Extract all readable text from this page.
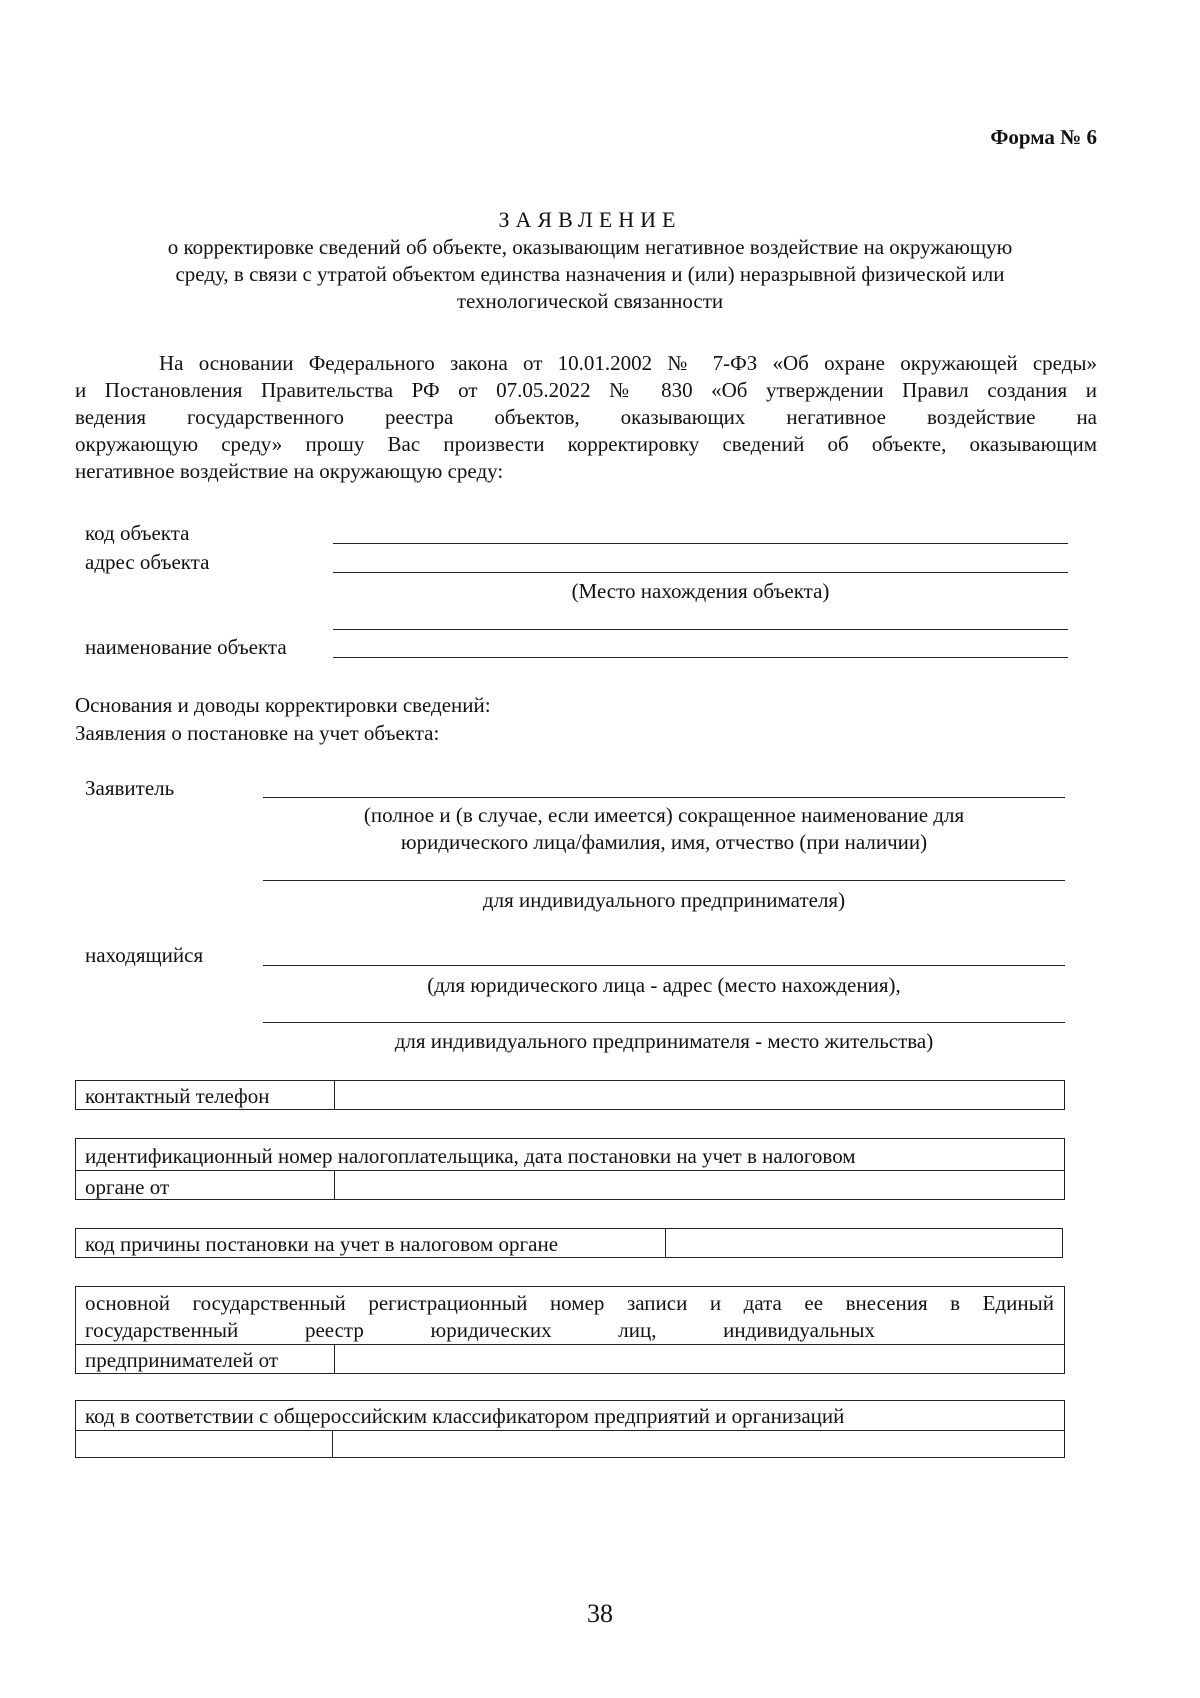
Форма № 6
ЗАЯВЛЕНИЕ
о корректировке сведений об объекте, оказывающим негативное воздействие на окружающую
среду, в связи с утратой объектом единства назначения и (или) неразрывной физической или
технологической связанности
На основании Федерального закона от 10.01.2002 № 7-ФЗ «Об охране окружающей среды»
и Постановления Правительства РФ от 07.05.2022 № 830 «Об утверждении Правил создания и
ведения государственного реестра объектов, оказывающих негативное воздействие на
окружающую среду» прошу Вас произвести корректировку сведений об объекте, оказывающим
негативное воздействие на окружающую среду:
код объекта
адрес объекта
(Место нахождения объекта)
наименование объекта
Основания и доводы корректировки сведений:
Заявления о постановке на учет объекта:
Заявитель
(полное и (в случае, если имеется) сокращенное наименование для
юридического лица/фамилия, имя, отчество (при наличии)
для индивидуального предпринимателя)
находящийся
(для юридического лица - адрес (место нахождения),
для индивидуального предпринимателя - место жительства)
контактный телефон
идентификационный номер налогоплательщика, дата постановки на учет в налоговом
органе от
код причины постановки на учет в налоговом органе
основной государственный регистрационный номер записи и дата ее внесения в Единый
государственный реестр юридических лиц, индивидуальных
предпринимателей от
код в соответствии с общероссийским классификатором предприятий и организаций
38
